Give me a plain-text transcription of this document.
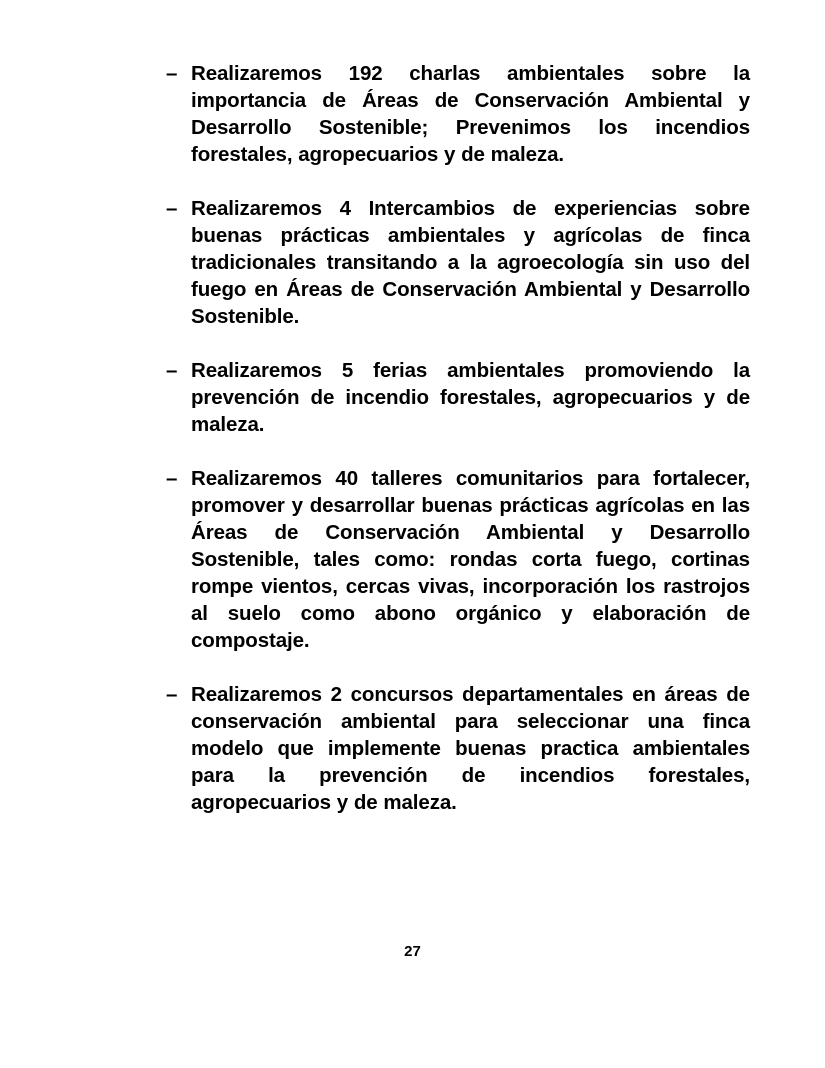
– Realizaremos 192 charlas ambientales sobre la importancia de Áreas de Conservación Ambiental y Desarrollo Sostenible; Prevenimos los incendios forestales, agropecuarios y de maleza.
– Realizaremos 4 Intercambios de experiencias sobre buenas prácticas ambientales y agrícolas de finca tradicionales transitando a la agroecología sin uso del fuego en Áreas de Conservación Ambiental y Desarrollo Sostenible.
– Realizaremos 5 ferias ambientales promoviendo la prevención de incendio forestales, agropecuarios y de maleza.
– Realizaremos 40 talleres comunitarios para fortalecer, promover y desarrollar buenas prácticas agrícolas en las Áreas de Conservación Ambiental y Desarrollo Sostenible, tales como: rondas corta fuego, cortinas rompe vientos, cercas vivas, incorporación los rastrojos al suelo como abono orgánico y elaboración de compostaje.
– Realizaremos 2 concursos departamentales en áreas de conservación ambiental para seleccionar una finca modelo que implemente buenas practica ambientales para la prevención de incendios forestales, agropecuarios y de maleza.
27
